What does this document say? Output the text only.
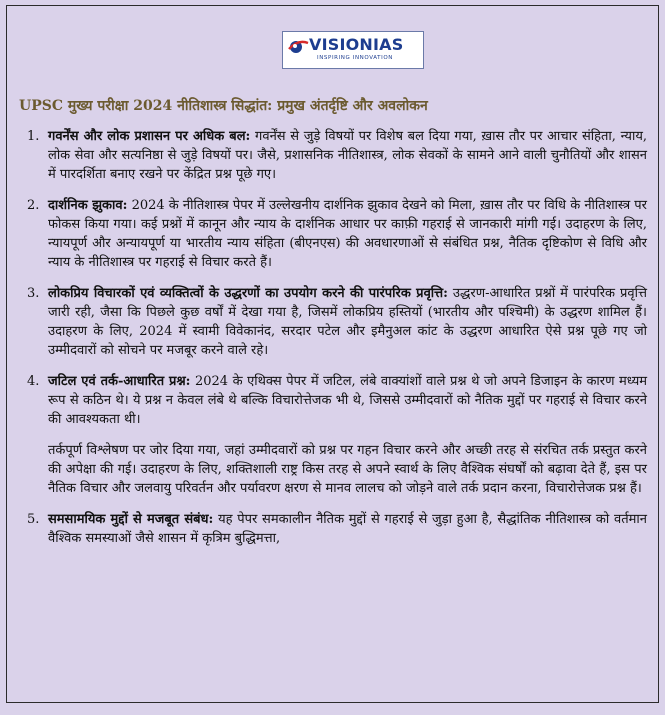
VISIONIAS
INSPIRING INNOVATION
UPSC मुख्य परीक्षा 2024 नीतिशास्त्र सिद्धांत: प्रमुख अंतर्दृष्टि और अवलोकन
1. गवर्नेंस और लोक प्रशासन पर अधिक बल: गवर्नेंस से जुड़े विषयों पर विशेष बल दिया गया, ख़ास तौर पर आचार संहिता, न्याय, लोक सेवा और सत्यनिष्ठा से जुड़े विषयों पर। जैसे, प्रशासनिक नीतिशास्त्र, लोक सेवकों के सामने आने वाली चुनौतियों और शासन में पारदर्शिता बनाए रखने पर केंद्रित प्रश्न पूछे गए।

2. दार्शनिक झुकाव: 2024 के नीतिशास्त्र पेपर में उल्लेखनीय दार्शनिक झुकाव देखने को मिला, ख़ास तौर पर विधि के नीतिशास्त्र पर फोकस किया गया। कई प्रश्नों में कानून और न्याय के दार्शनिक आधार पर काफ़ी गहराई से जानकारी मांगी गई। उदाहरण के लिए, न्यायपूर्ण और अन्यायपूर्ण या भारतीय न्याय संहिता (बीएनएस) की अवधारणाओं से संबंधित प्रश्न, नैतिक दृष्टिकोण से विधि और न्याय के नीतिशास्त्र पर गहराई से विचार करते हैं।

3. लोकप्रिय विचारकों एवं व्यक्तित्वों के उद्धरणों का उपयोग करने की पारंपरिक प्रवृत्ति: उद्धरण-आधारित प्रश्नों में पारंपरिक प्रवृत्ति जारी रही, जैसा कि पिछले कुछ वर्षों में देखा गया है, जिसमें लोकप्रिय हस्तियों (भारतीय और पश्चिमी) के उद्धरण शामिल हैं। उदाहरण के लिए, 2024 में स्वामी विवेकानंद, सरदार पटेल और इमैनुअल कांट के उद्धरण आधारित ऐसे प्रश्न पूछे गए जो उम्मीदवारों को सोचने पर मजबूर करने वाले रहे।

4. जटिल एवं तर्क-आधारित प्रश्न: 2024 के एथिक्स पेपर में जटिल, लंबे वाक्यांशों वाले प्रश्न थे जो अपने डिजाइन के कारण मध्यम रूप से कठिन थे। ये प्रश्न न केवल लंबे थे बल्कि विचारोत्तेजक भी थे, जिससे उम्मीदवारों को नैतिक मुद्दों पर गहराई से विचार करने की आवश्यकता थी।

तर्कपूर्ण विश्लेषण पर जोर दिया गया, जहां उम्मीदवारों को प्रश्न पर गहन विचार करने और अच्छी तरह से संरचित तर्क प्रस्तुत करने की अपेक्षा की गई। उदाहरण के लिए, शक्तिशाली राष्ट्र किस तरह से अपने स्वार्थ के लिए वैश्विक संघर्षों को बढ़ावा देते हैं, इस पर नैतिक विचार और जलवायु परिवर्तन और पर्यावरण क्षरण से मानव लालच को जोड़ने वाले तर्क प्रदान करना, विचारोत्तेजक प्रश्न हैं।

5. समसामयिक मुद्दों से मजबूत संबंध: यह पेपर समकालीन नैतिक मुद्दों से गहराई से जुड़ा हुआ है, सैद्धांतिक नीतिशास्त्र को वर्तमान वैश्विक समस्याओं जैसे शासन में कृत्रिम बुद्धिमत्ता,
